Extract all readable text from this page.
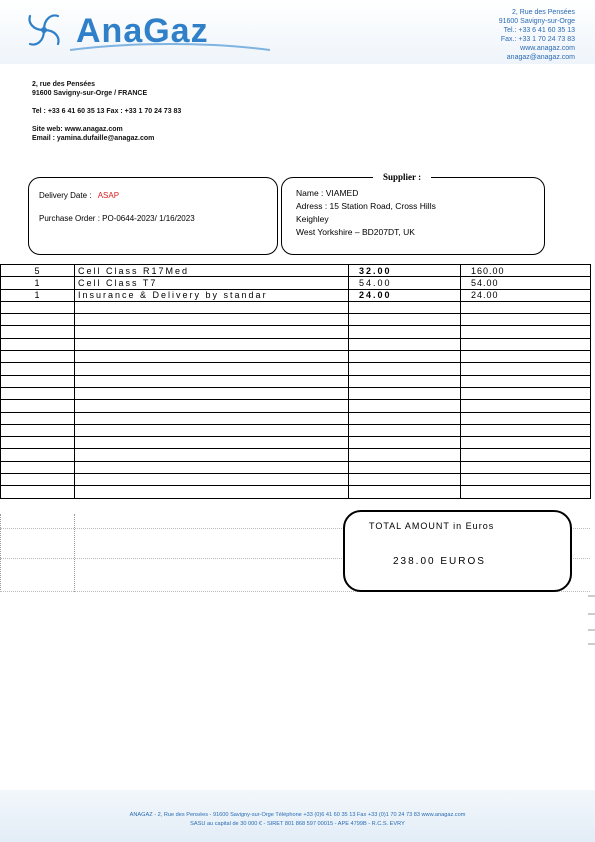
AnaGaz	2, Rue des Pensées
91600 Savigny-sur-Orge
Tel.: +33 6 41 60 35 13
Fax.: +33 1 70 24 73 83
www.anagaz.com
anagaz@anagaz.com
2, rue des Pensées
91600 Savigny-sur-Orge / FRANCE
Tel : +33 6 41 60 35 13 Fax : +33 1 70 24 73 83
Site web: www.anagaz.com
Email : yamina.dufaille@anagaz.com
Delivery Date : ASAP
Purchase Order : PO-0644-2023/ 1/16/2023
Name : VIAMED
Adress : 15 Station Road, Cross Hills
Keighley
West Yorkshire – BD207DT, UK
Supplier :
5	Cell Class R17Med	32.00	160.00
1	Cell Class T7	54.00	54.00
1	Insurance & Delivery by standar	24.00	24.00

TOTAL AMOUNT in Euros
238.00 EUROS
ANAGAZ - 2, Rue des Pensées - 91600 Savigny-sur-Orge Téléphone +33 (0)6 41 60 35 13 Fax +33 (0)1 70 24 73 83 www.anagaz.com
SASU au capital de 30 000 € - SIRET 801 868 597 00015 - APE 4799B - R.C.S. EVRY
